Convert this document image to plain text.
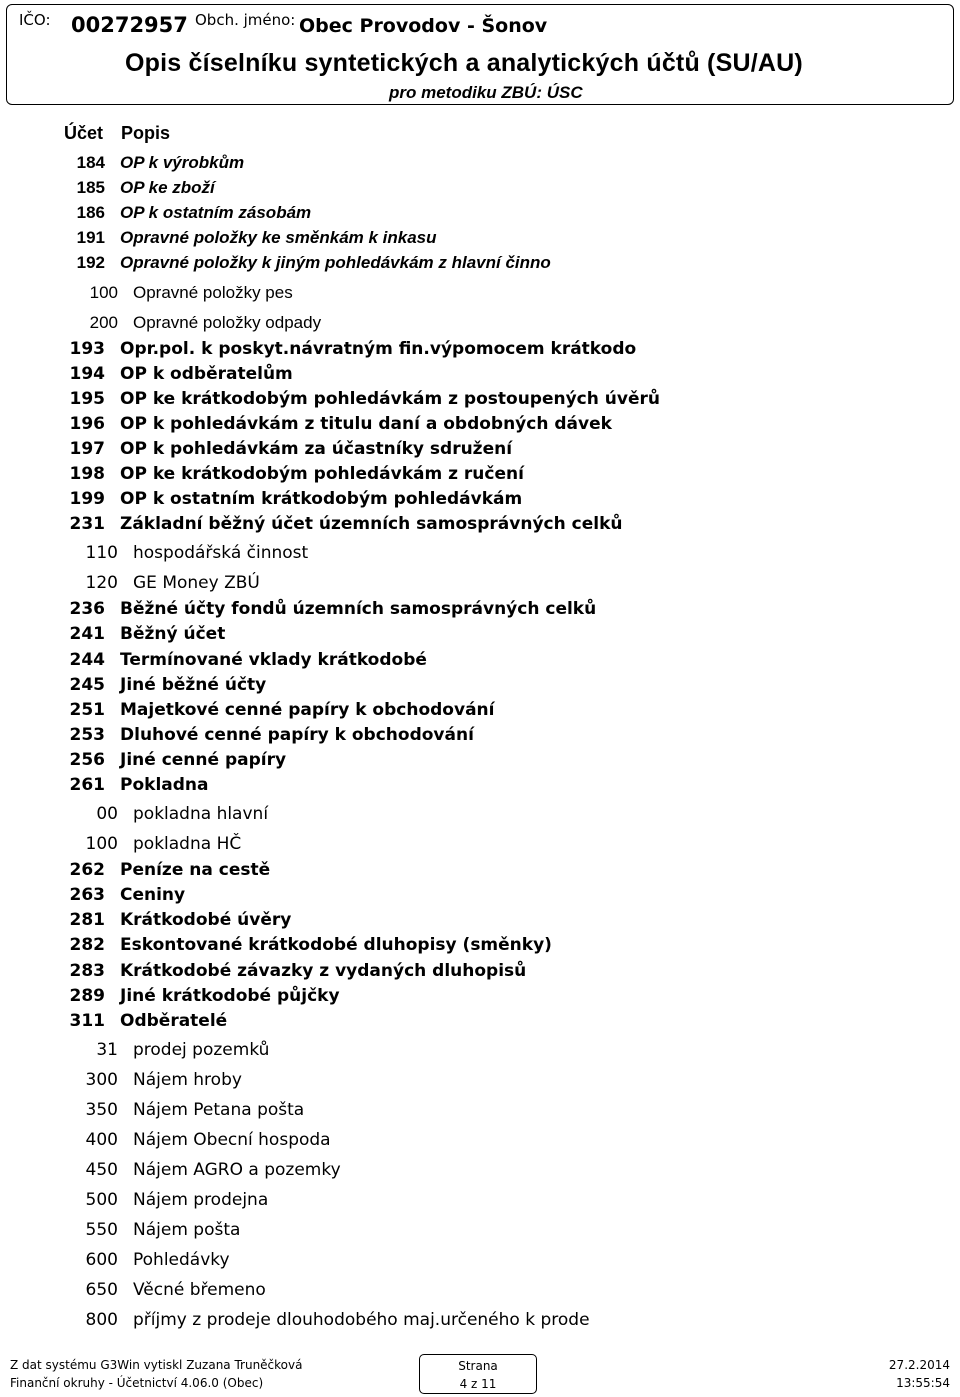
IČO: 00272957 Obch. jméno: Obec Provodov - Šonov
Opis číselníku syntetických a analytických účtů (SU/AU)
pro metodiku ZBÚ: ÚSC
Účet Popis
184 OP k výrobkům
185 OP ke zboží
186 OP k ostatním zásobám
191 Opravné položky ke směnkám k inkasu
192 Opravné položky k jiným pohledávkám z hlavní činno
100 Opravné položky pes
200 Opravné položky odpady
193 Opr.pol. k poskyt.návratným fin.výpomocem krátkodo
194 OP k odběratelům
195 OP ke krátkodobým pohledávkám z postoupených úvěrů
196 OP k pohledávkám z titulu daní a obdobných dávek
197 OP k pohledávkám za účastníky sdružení
198 OP ke krátkodobým pohledávkám z ručení
199 OP k ostatním krátkodobým pohledávkám
231 Základní běžný účet územních samosprávných celků
110 hospodářská činnost
120 GE Money ZBÚ
236 Běžné účty fondů územních samosprávných celků
241 Běžný účet
244 Termínované vklady krátkodobé
245 Jiné běžné účty
251 Majetkové cenné papíry k obchodování
253 Dluhové cenné papíry k obchodování
256 Jiné cenné papíry
261 Pokladna
00 pokladna hlavní
100 pokladna HČ
262 Peníze na cestě
263 Ceniny
281 Krátkodobé úvěry
282 Eskontované krátkodobé dluhopisy (směnky)
283 Krátkodobé závazky z vydaných dluhopisů
289 Jiné krátkodobé půjčky
311 Odběratelé
31 prodej pozemků
300 Nájem hroby
350 Nájem Petana pošta
400 Nájem Obecní hospoda
450 Nájem AGRO a pozemky
500 Nájem prodejna
550 Nájem pošta
600 Pohledávky
650 Věcné břemeno
800 příjmy z prodeje dlouhodobého maj.určeného k prode
Z dat systému G3Win vytiskl Zuzana Truněčková
Finanční okruhy - Účetnictví 4.06.0 (Obec)
Strana
4 z 11
27.2.2014
13:55:54
